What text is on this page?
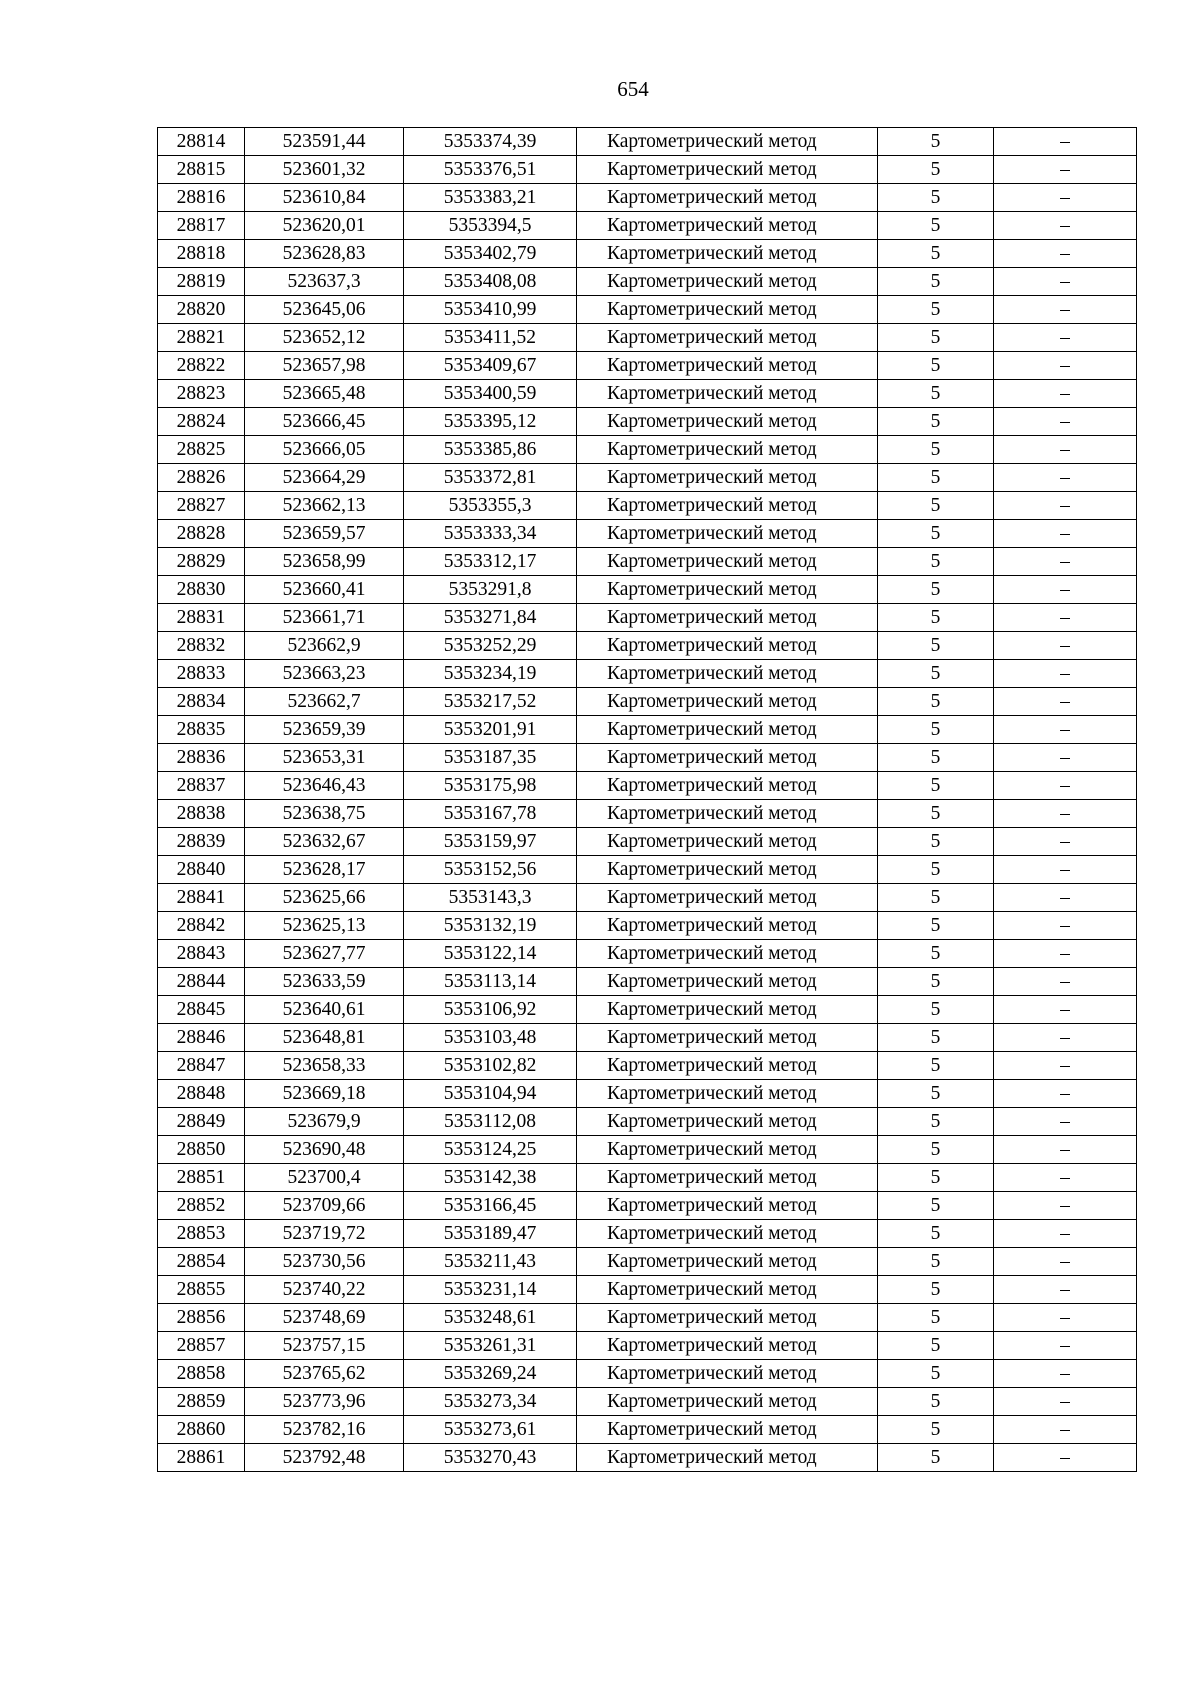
654
28814	523591,44	5353374,39	Картометрический метод	5	–
28815	523601,32	5353376,51	Картометрический метод	5	–
28816	523610,84	5353383,21	Картометрический метод	5	–
28817	523620,01	5353394,5	Картометрический метод	5	–
28818	523628,83	5353402,79	Картометрический метод	5	–
28819	523637,3	5353408,08	Картометрический метод	5	–
28820	523645,06	5353410,99	Картометрический метод	5	–
28821	523652,12	5353411,52	Картометрический метод	5	–
28822	523657,98	5353409,67	Картометрический метод	5	–
28823	523665,48	5353400,59	Картометрический метод	5	–
28824	523666,45	5353395,12	Картометрический метод	5	–
28825	523666,05	5353385,86	Картометрический метод	5	–
28826	523664,29	5353372,81	Картометрический метод	5	–
28827	523662,13	5353355,3	Картометрический метод	5	–
28828	523659,57	5353333,34	Картометрический метод	5	–
28829	523658,99	5353312,17	Картометрический метод	5	–
28830	523660,41	5353291,8	Картометрический метод	5	–
28831	523661,71	5353271,84	Картометрический метод	5	–
28832	523662,9	5353252,29	Картометрический метод	5	–
28833	523663,23	5353234,19	Картометрический метод	5	–
28834	523662,7	5353217,52	Картометрический метод	5	–
28835	523659,39	5353201,91	Картометрический метод	5	–
28836	523653,31	5353187,35	Картометрический метод	5	–
28837	523646,43	5353175,98	Картометрический метод	5	–
28838	523638,75	5353167,78	Картометрический метод	5	–
28839	523632,67	5353159,97	Картометрический метод	5	–
28840	523628,17	5353152,56	Картометрический метод	5	–
28841	523625,66	5353143,3	Картометрический метод	5	–
28842	523625,13	5353132,19	Картометрический метод	5	–
28843	523627,77	5353122,14	Картометрический метод	5	–
28844	523633,59	5353113,14	Картометрический метод	5	–
28845	523640,61	5353106,92	Картометрический метод	5	–
28846	523648,81	5353103,48	Картометрический метод	5	–
28847	523658,33	5353102,82	Картометрический метод	5	–
28848	523669,18	5353104,94	Картометрический метод	5	–
28849	523679,9	5353112,08	Картометрический метод	5	–
28850	523690,48	5353124,25	Картометрический метод	5	–
28851	523700,4	5353142,38	Картометрический метод	5	–
28852	523709,66	5353166,45	Картометрический метод	5	–
28853	523719,72	5353189,47	Картометрический метод	5	–
28854	523730,56	5353211,43	Картометрический метод	5	–
28855	523740,22	5353231,14	Картометрический метод	5	–
28856	523748,69	5353248,61	Картометрический метод	5	–
28857	523757,15	5353261,31	Картометрический метод	5	–
28858	523765,62	5353269,24	Картометрический метод	5	–
28859	523773,96	5353273,34	Картометрический метод	5	–
28860	523782,16	5353273,61	Картометрический метод	5	–
28861	523792,48	5353270,43	Картометрический метод	5	–
